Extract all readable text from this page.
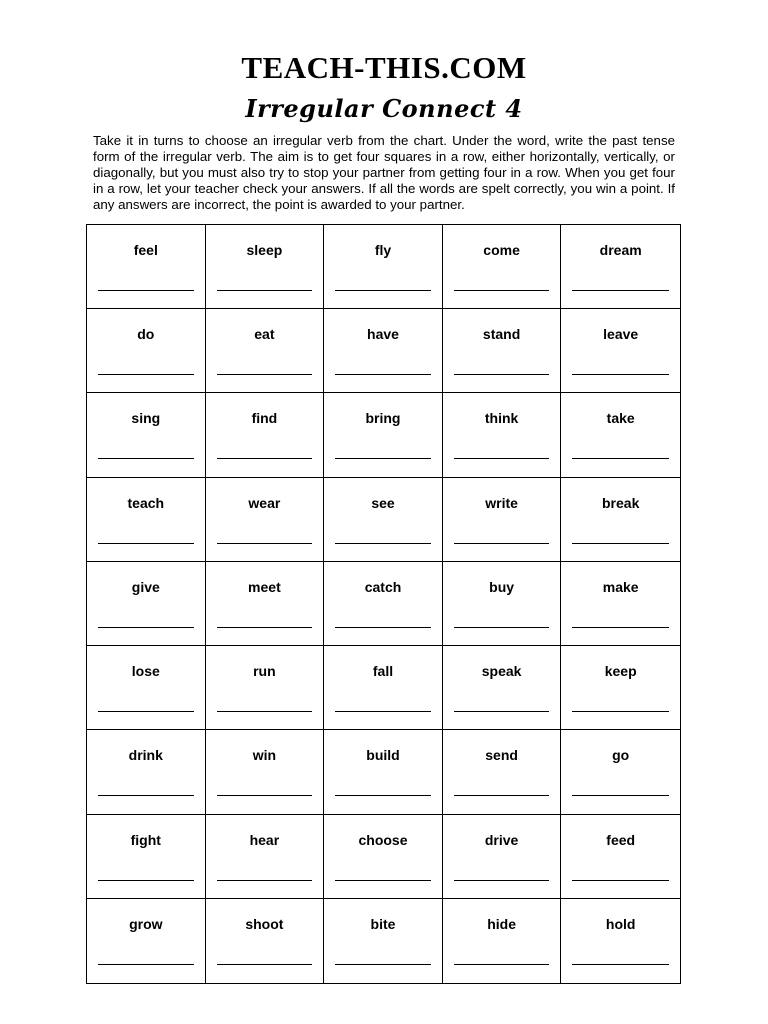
TEACH-THIS.COM
Irregular Connect 4
Take it in turns to choose an irregular verb from the chart. Under the word, write the past tense form of the irregular verb. The aim is to get four squares in a row, either horizontally, vertically, or diagonally, but you must also try to stop your partner from getting four in a row. When you get four in a row, let your teacher check your answers. If all the words are spelt correctly, you win a point. If any answers are incorrect, the point is awarded to your partner.
feel	sleep	fly	come	dream
do	eat	have	stand	leave
sing	find	bring	think	take
teach	wear	see	write	break
give	meet	catch	buy	make
lose	run	fall	speak	keep
drink	win	build	send	go
fight	hear	choose	drive	feed
grow	shoot	bite	hide	hold
